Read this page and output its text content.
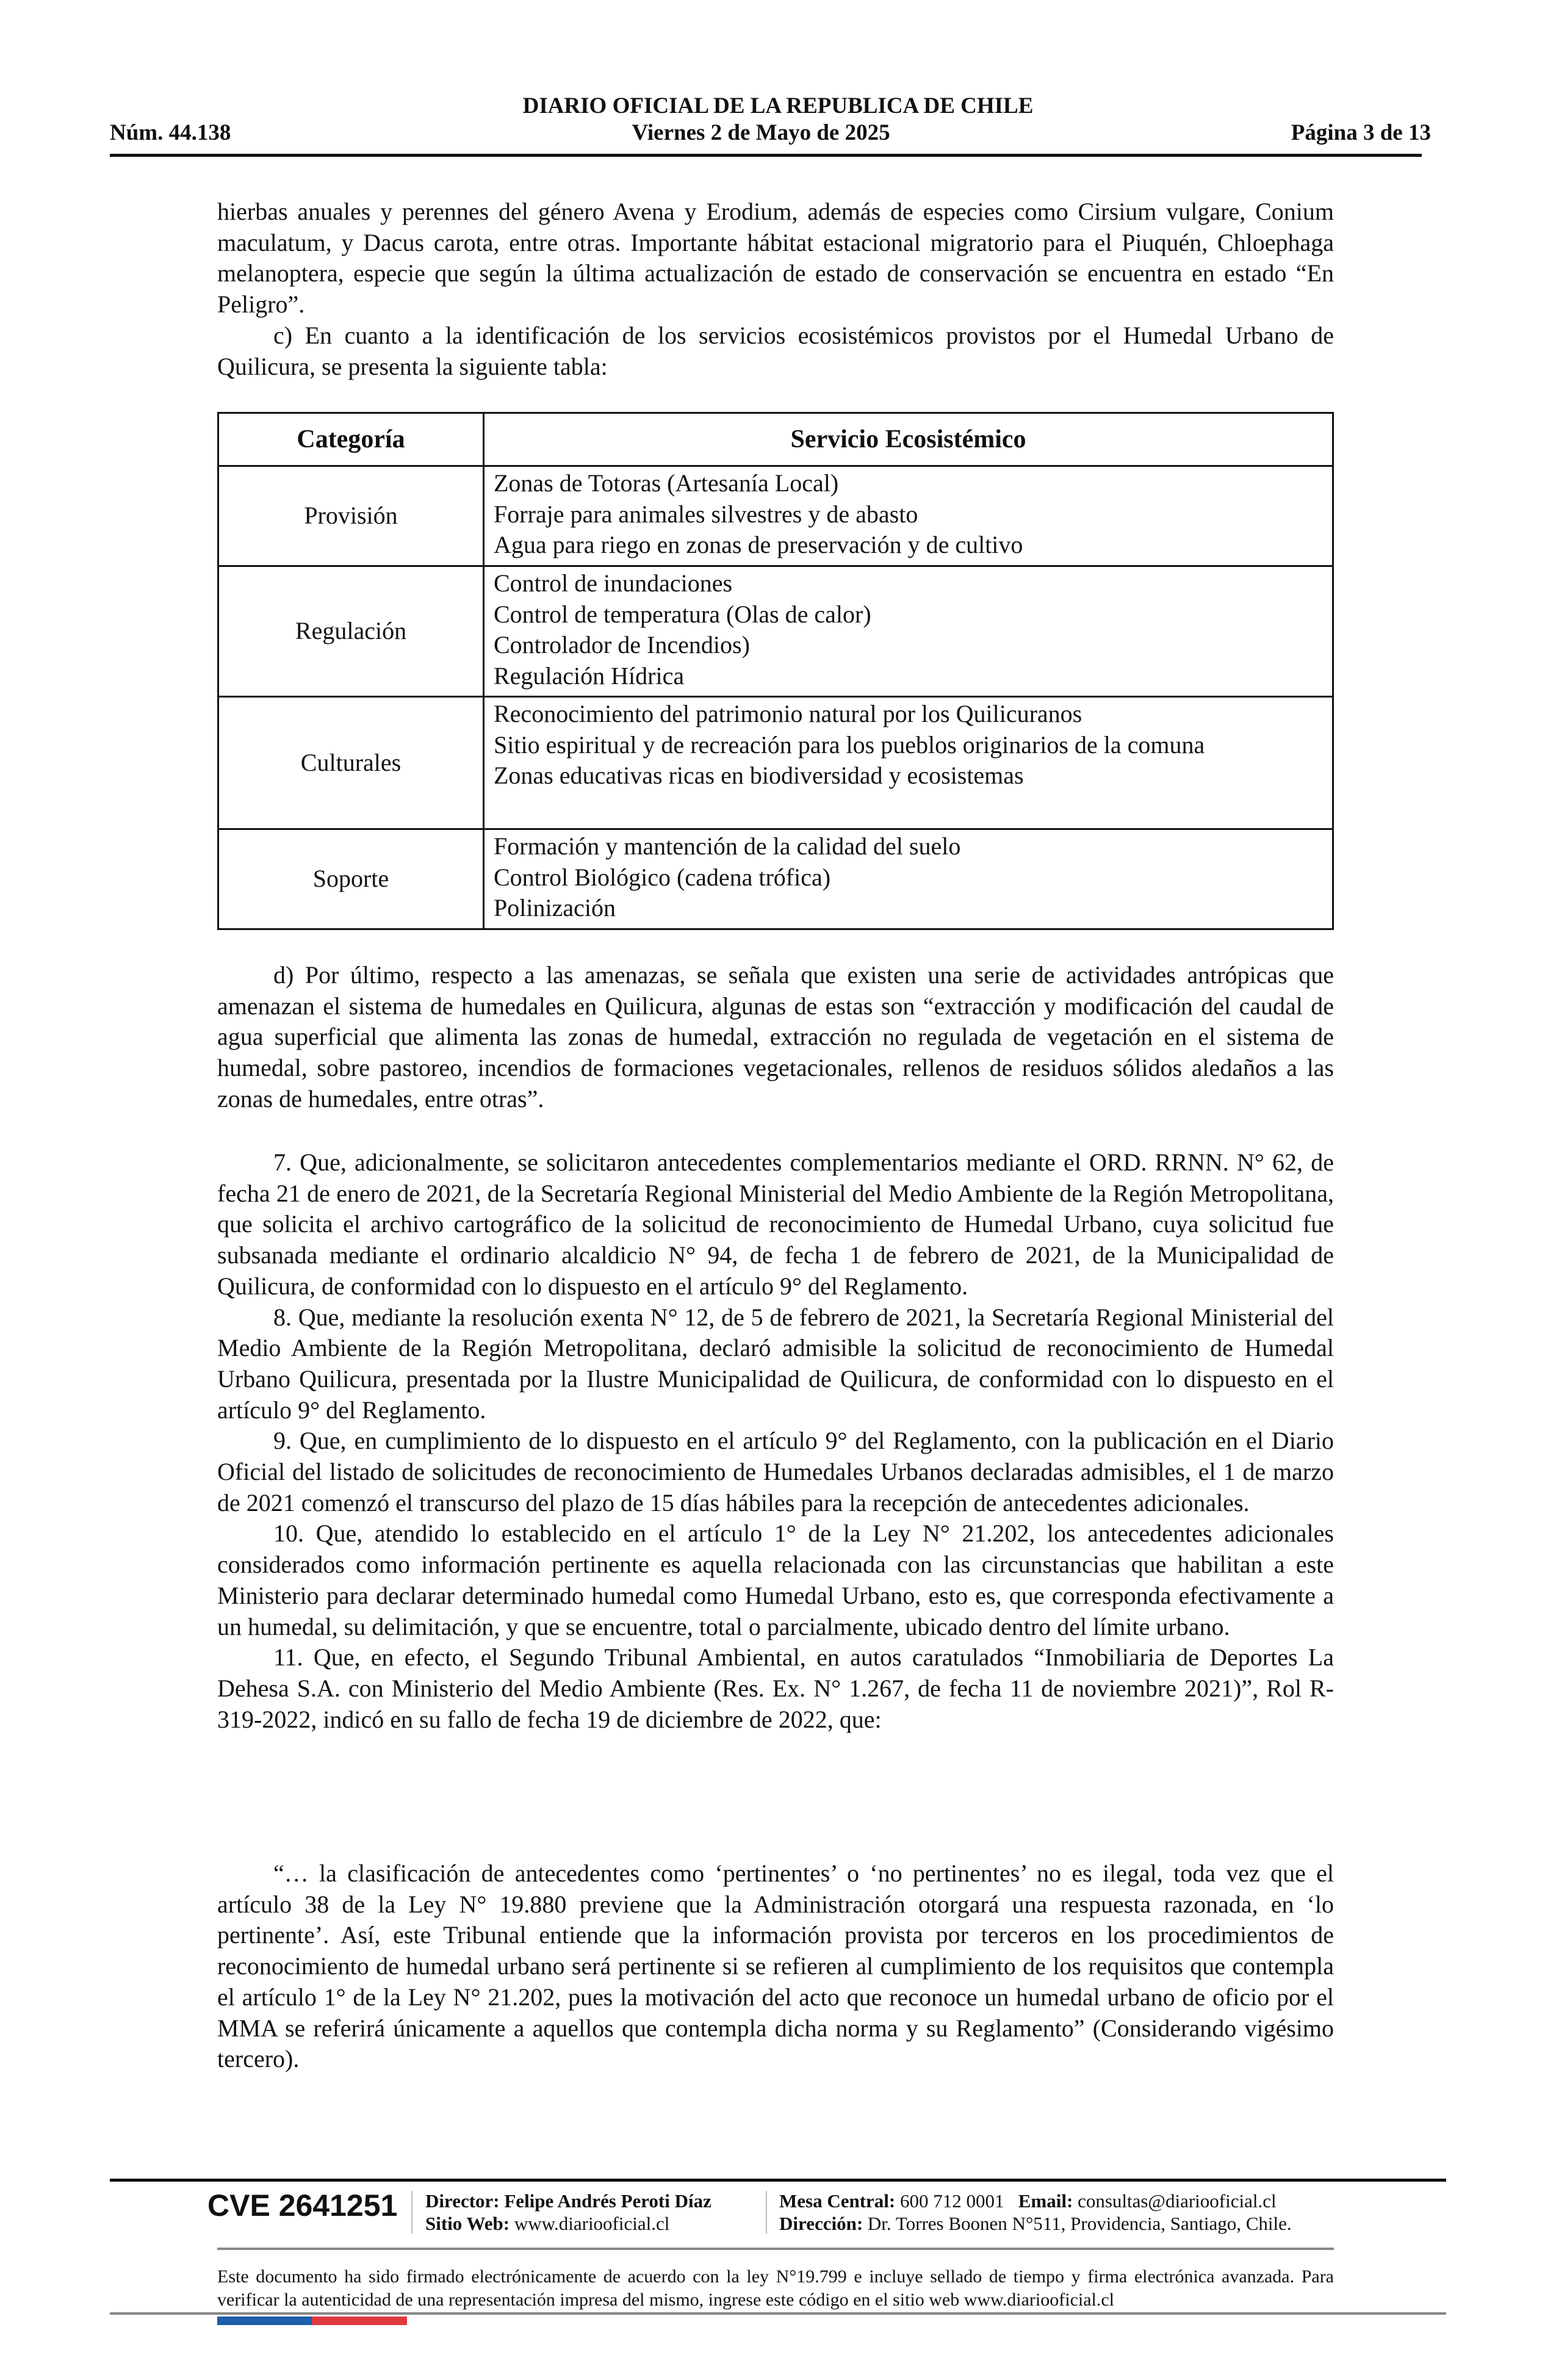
DIARIO OFICIAL DE LA REPUBLICA DE CHILE
Núm. 44.138	Viernes 2 de Mayo de 2025	Página 3 de 13

hierbas anuales y perennes del género Avena y Erodium, además de especies como Cirsium vulgare, Conium maculatum, y Dacus carota, entre otras. Importante hábitat estacional migratorio para el Piuquén, Chloephaga melanoptera, especie que según la última actualización de estado de conservación se encuentra en estado “En Peligro”.

c) En cuanto a la identificación de los servicios ecosistémicos provistos por el Humedal Urbano de Quilicura, se presenta la siguiente tabla:

Categoría	Servicio Ecosistémico
Provisión	Zonas de Totoras (Artesanía Local)
Forraje para animales silvestres y de abasto
Agua para riego en zonas de preservación y de cultivo

Regulación	Control de inundaciones
Control de temperatura (Olas de calor)
Controlador de Incendios)
Regulación Hídrica

Culturales	Reconocimiento del patrimonio natural por los Quilicuranos
Sitio espiritual y de recreación para los pueblos originarios de la comuna
Zonas educativas ricas en biodiversidad y ecosistemas

Soporte	Formación y mantención de la calidad del suelo
Control Biológico (cadena trófica)
Polinización

d) Por último, respecto a las amenazas, se señala que existen una serie de actividades antrópicas que amenazan el sistema de humedales en Quilicura, algunas de estas son “extracción y modificación del caudal de agua superficial que alimenta las zonas de humedal, extracción no regulada de vegetación en el sistema de humedal, sobre pastoreo, incendios de formaciones vegetacionales, rellenos de residuos sólidos aledaños a las zonas de humedales, entre otras”.

7. Que, adicionalmente, se solicitaron antecedentes complementarios mediante el ORD. RRNN. N° 62, de fecha 21 de enero de 2021, de la Secretaría Regional Ministerial del Medio Ambiente de la Región Metropolitana, que solicita el archivo cartográfico de la solicitud de reconocimiento de Humedal Urbano, cuya solicitud fue subsanada mediante el ordinario alcaldicio N° 94, de fecha 1 de febrero de 2021, de la Municipalidad de Quilicura, de conformidad con lo dispuesto en el artículo 9° del Reglamento.

8. Que, mediante la resolución exenta N° 12, de 5 de febrero de 2021, la Secretaría Regional Ministerial del Medio Ambiente de la Región Metropolitana, declaró admisible la solicitud de reconocimiento de Humedal Urbano Quilicura, presentada por la Ilustre Municipalidad de Quilicura, de conformidad con lo dispuesto en el artículo 9° del Reglamento.

9. Que, en cumplimiento de lo dispuesto en el artículo 9° del Reglamento, con la publicación en el Diario Oficial del listado de solicitudes de reconocimiento de Humedales Urbanos declaradas admisibles, el 1 de marzo de 2021 comenzó el transcurso del plazo de 15 días hábiles para la recepción de antecedentes adicionales.

10. Que, atendido lo establecido en el artículo 1° de la Ley N° 21.202, los antecedentes adicionales considerados como información pertinente es aquella relacionada con las circunstancias que habilitan a este Ministerio para declarar determinado humedal como Humedal Urbano, esto es, que corresponda efectivamente a un humedal, su delimitación, y que se encuentre, total o parcialmente, ubicado dentro del límite urbano.

11. Que, en efecto, el Segundo Tribunal Ambiental, en autos caratulados “Inmobiliaria de Deportes La Dehesa S.A. con Ministerio del Medio Ambiente (Res. Ex. N° 1.267, de fecha 11 de noviembre 2021)”, Rol R-319-2022, indicó en su fallo de fecha 19 de diciembre de 2022, que:

“… la clasificación de antecedentes como ‘pertinentes’ o ‘no pertinentes’ no es ilegal, toda vez que el artículo 38 de la Ley N° 19.880 previene que la Administración otorgará una respuesta razonada, en ‘lo pertinente’. Así, este Tribunal entiende que la información provista por terceros en los procedimientos de reconocimiento de humedal urbano será pertinente si se refieren al cumplimiento de los requisitos que contempla el artículo 1° de la Ley N° 21.202, pues la motivación del acto que reconoce un humedal urbano de oficio por el MMA se referirá únicamente a aquellos que contempla dicha norma y su Reglamento” (Considerando vigésimo tercero).

CVE 2641251 Director: Felipe Andrés Peroti Díaz
Sitio Web: www.diariooficial.cl
Mesa Central: 600 712 0001 Email: consultas@diariooficial.cl
Dirección: Dr. Torres Boonen N°511, Providencia, Santiago, Chile.
Este documento ha sido firmado electrónicamente de acuerdo con la ley N°19.799 e incluye sellado de tiempo y firma electrónica avanzada. Para verificar la autenticidad de una representación impresa del mismo, ingrese este código en el sitio web www.diariooficial.cl
